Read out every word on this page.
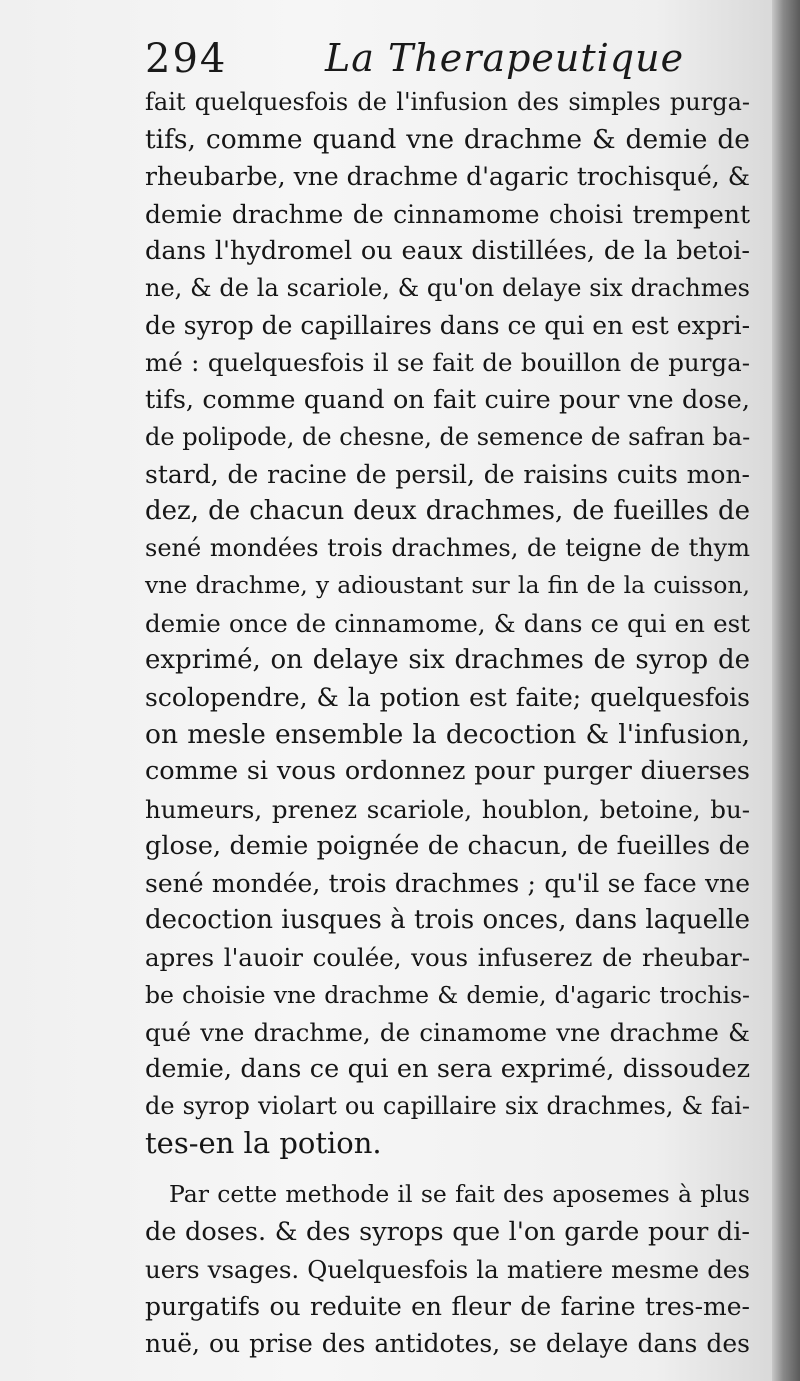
294	La Therapeutique
fait quelquesfois de l'infusion des simples purga-
tifs, comme quand vne drachme & demie de
rheubarbe, vne drachme d'agaric trochisqué, &
demie drachme de cinnamome choisi trempent
dans l'hydromel ou eaux distillées, de la betoi-
ne, & de la scariole, & qu'on delaye six drachmes
de syrop de capillaires dans ce qui en est expri-
mé : quelquesfois il se fait de bouillon de purga-
tifs, comme quand on fait cuire pour vne dose,
de polipode, de chesne, de semence de safran ba-
stard, de racine de persil, de raisins cuits mon-
dez, de chacun deux drachmes, de fueilles de
sené mondées trois drachmes, de teigne de thym
vne drachme, y adioustant sur la fin de la cuisson,
demie once de cinnamome, & dans ce qui en est
exprimé, on delaye six drachmes de syrop de
scolopendre, & la potion est faite; quelquesfois
on mesle ensemble la decoction & l'infusion,
comme si vous ordonnez pour purger diuerses
humeurs, prenez scariole, houblon, betoine, bu-
glose, demie poignée de chacun, de fueilles de
sené mondée, trois drachmes ; qu'il se face vne
decoction iusques à trois onces, dans laquelle
apres l'auoir coulée, vous infuserez de rheubar-
be choisie vne drachme & demie, d'agaric trochis-
qué vne drachme, de cinamome vne drachme &
demie, dans ce qui en sera exprimé, dissoudez
de syrop violart ou capillaire six drachmes, & fai-
tes-en la potion.
Par cette methode il se fait des aposemes à plus
de doses. & des syrops que l'on garde pour di-
uers vsages. Quelquesfois la matiere mesme des
purgatifs ou reduite en fleur de farine tres-me-
nuë, ou prise des antidotes, se delaye dans des
